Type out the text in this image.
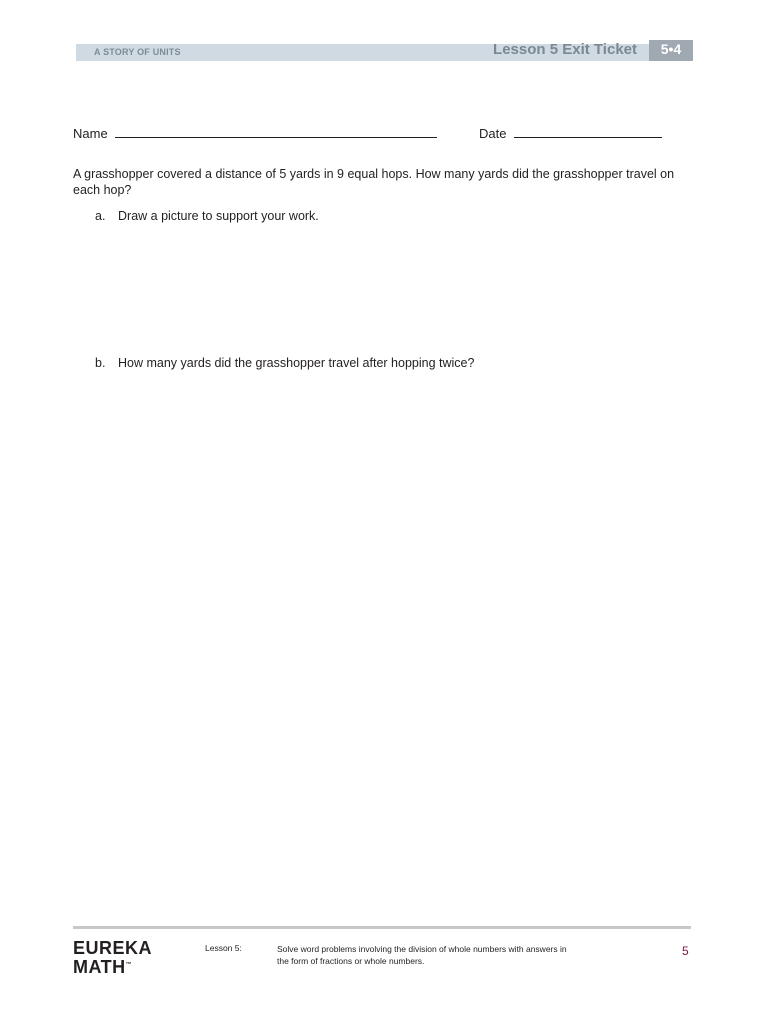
A STORY OF UNITS	Lesson 5 Exit Ticket	5•4
Name	Date
A grasshopper covered a distance of 5 yards in 9 equal hops. How many yards did the grasshopper travel on each hop?
a. Draw a picture to support your work.
b. How many yards did the grasshopper travel after hopping twice?
EUREKA
MATH™
Lesson 5:	Solve word problems involving the division of whole numbers with answers in the form of fractions or whole numbers.
5
